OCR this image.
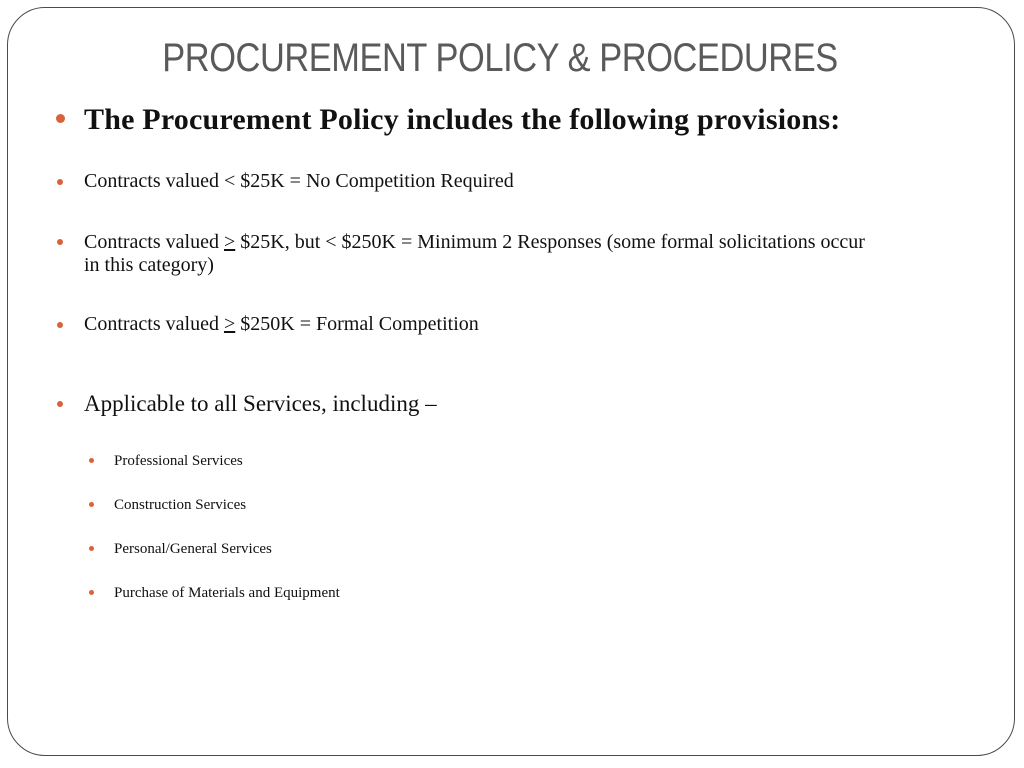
PROCUREMENT POLICY & PROCEDURES
The Procurement Policy includes the following provisions:
Contracts valued < $25K = No Competition Required
Contracts valued ≥ $25K, but < $250K = Minimum 2 Responses (some formal solicitations occur
in this category)
Contracts valued ≥ $250K = Formal Competition
Applicable to all Services, including –
Professional Services
Construction Services
Personal/General Services
Purchase of Materials and Equipment
